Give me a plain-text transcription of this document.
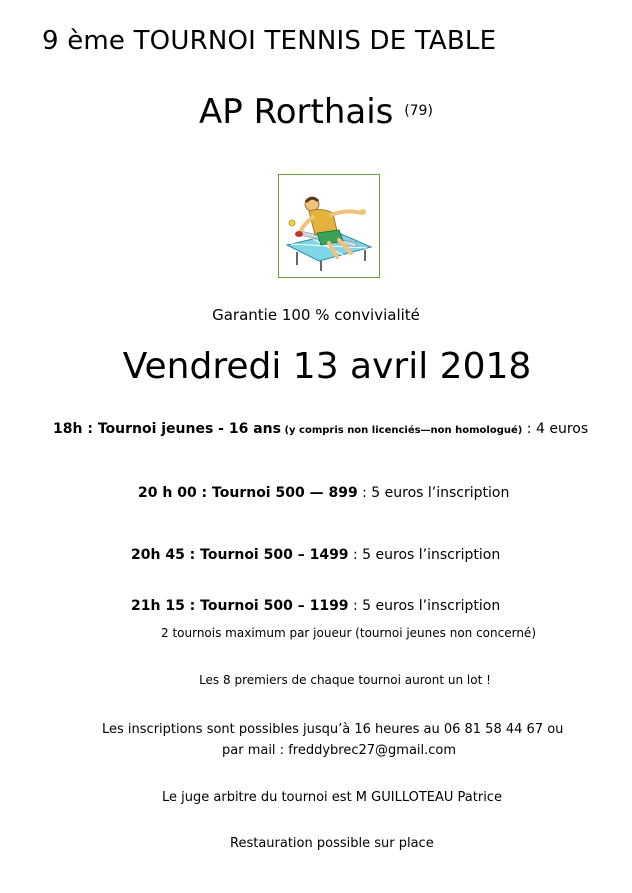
9 ème TOURNOI TENNIS DE TABLE
AP Rorthais $^{(79)}$
Garantie 100 % convivialité
Vendredi 13 avril 2018
18h : Tournoi jeunes - 16 ans (y compris non licenciés—non homologué) : 4 euros
20 h 00 : Tournoi 500 — 899 : 5 euros l’inscription
20h 45 : Tournoi 500 – 1499 : 5 euros l’inscription
21h 15 : Tournoi 500 – 1199 : 5 euros l’inscription
2 tournois maximum par joueur (tournoi jeunes non concerné)
Les 8 premiers de chaque tournoi auront un lot !
Les inscriptions sont possibles jusqu’à 16 heures au 06 81 58 44 67 ou
par mail : freddybrec27@gmail.com
Le juge arbitre du tournoi est M GUILLOTEAU Patrice
Restauration possible sur place
